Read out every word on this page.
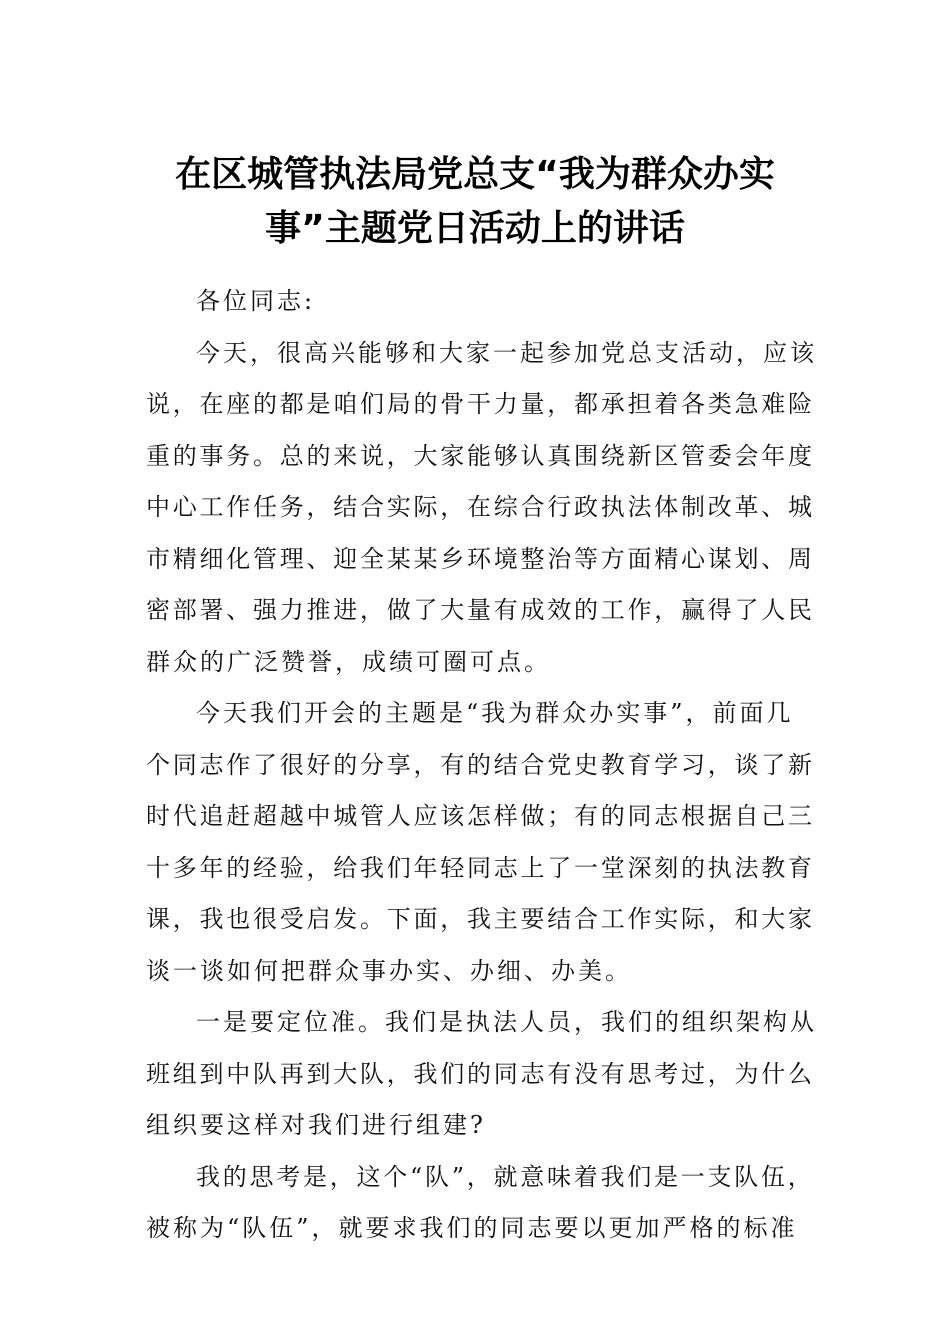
在区城管执法局党总支“我为群众办实
事”主题党日活动上的讲话
各位同志:
今天，很高兴能够和大家一起参加党总支活动，应该
说，在座的都是咱们局的骨干力量，都承担着各类急难险
重的事务。总的来说，大家能够认真围绕新区管委会年度
中心工作任务，结合实际，在综合行政执法体制改革、城
市精细化管理、迎全某某乡环境整治等方面精心谋划、周
密部署、强力推进，做了大量有成效的工作，赢得了人民
群众的广泛赞誉，成绩可圈可点。
今天我们开会的主题是“我为群众办实事”，前面几
个同志作了很好的分享，有的结合党史教育学习，谈了新
时代追赶超越中城管人应该怎样做；有的同志根据自己三
十多年的经验，给我们年轻同志上了一堂深刻的执法教育
课，我也很受启发。下面，我主要结合工作实际，和大家
谈一谈如何把群众事办实、办细、办美。
一是要定位准。我们是执法人员，我们的组织架构从
班组到中队再到大队，我们的同志有没有思考过，为什么
组织要这样对我们进行组建?
我的思考是，这个“队”，就意味着我们是一支队伍，
被称为“队伍”，就要求我们的同志要以更加严格的标准
